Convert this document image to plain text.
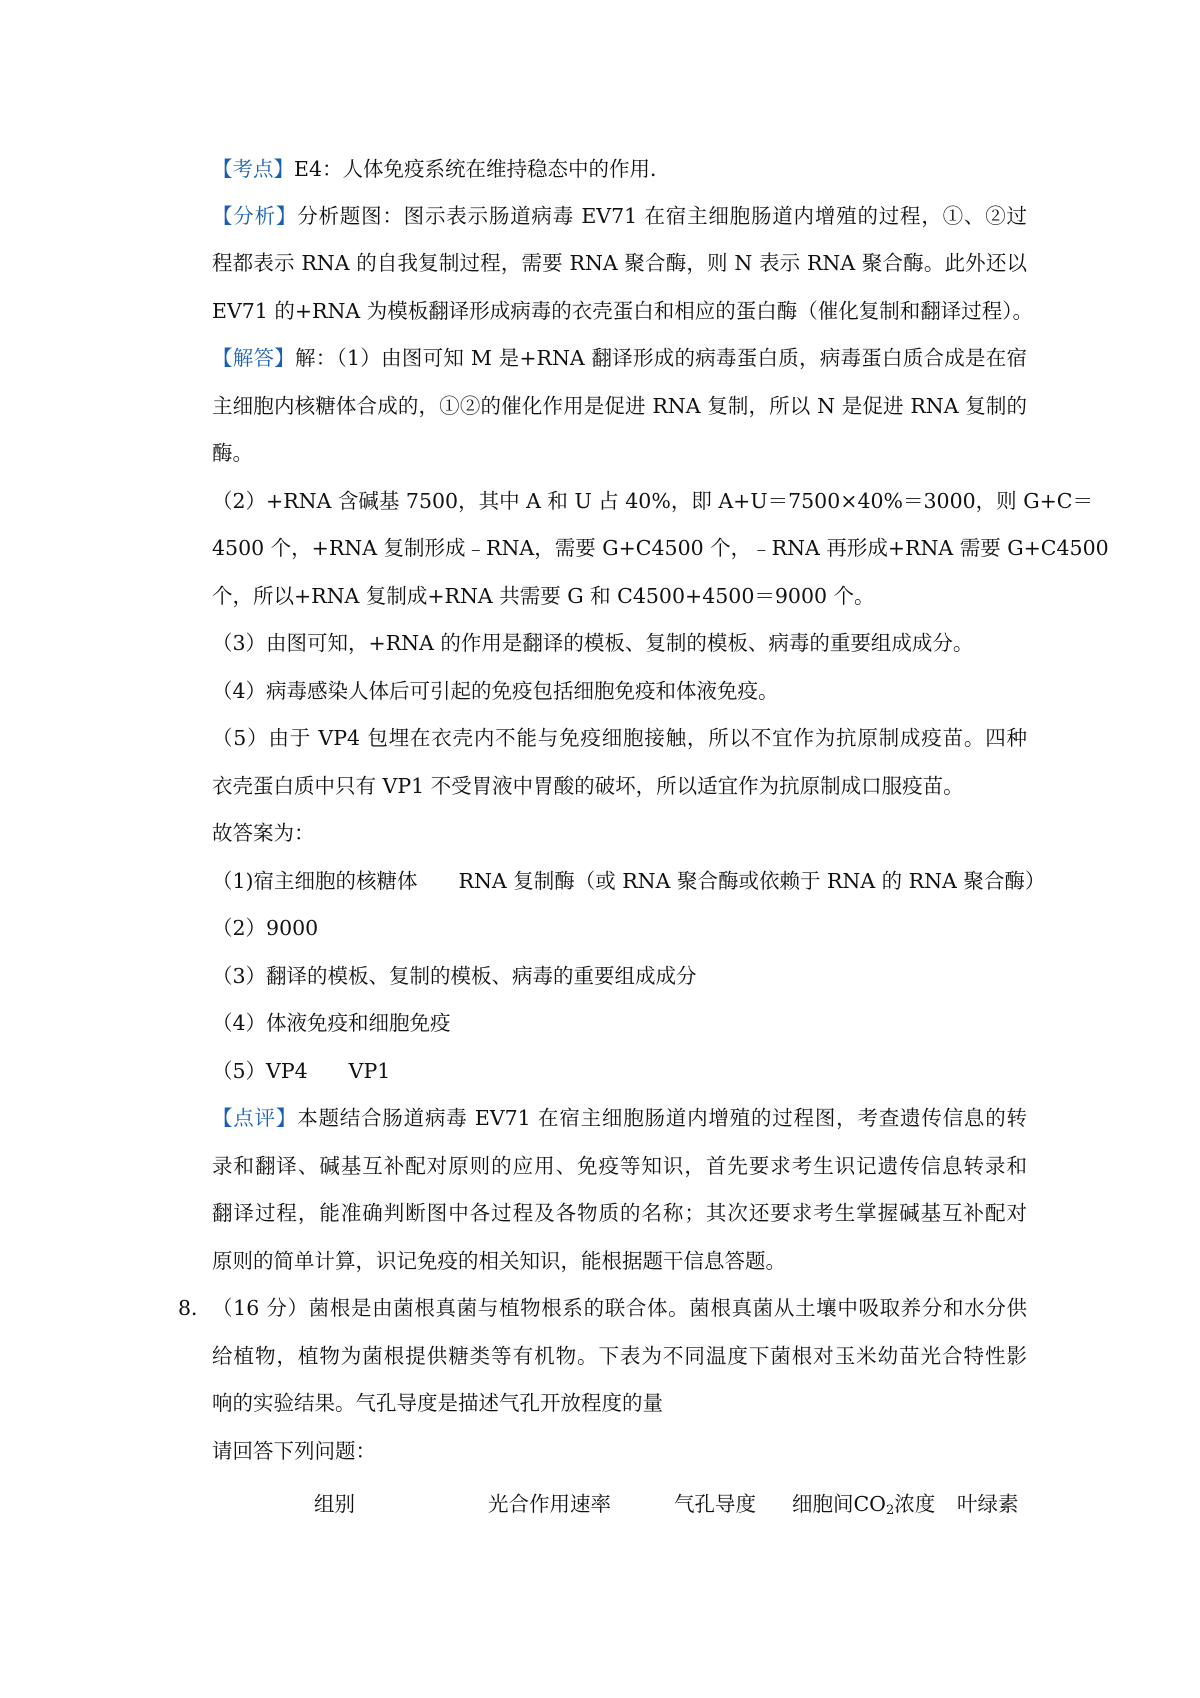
【考点】E4：人体免疫系统在维持稳态中的作用．
【分析】分析题图：图示表示肠道病毒 EV71 在宿主细胞肠道内增殖的过程，①、②过
程都表示 RNA 的自我复制过程，需要 RNA 聚合酶，则 N 表示 RNA 聚合酶。此外还以
EV71 的+RNA 为模板翻译形成病毒的衣壳蛋白和相应的蛋白酶（催化复制和翻译过程）。
【解答】解：（1）由图可知 M 是+RNA 翻译形成的病毒蛋白质，病毒蛋白质合成是在宿
主细胞内核糖体合成的，①②的催化作用是促进 RNA 复制，所以 N 是促进 RNA 复制的
酶。
（2）+RNA 含碱基 7500，其中 A 和 U 占 40%，即 A+U＝7500×40%＝3000，则 G+C＝
4500 个，+RNA 复制形成﹣RNA，需要 G+C4500 个，﹣RNA 再形成+RNA 需要 G+C4500
个，所以+RNA 复制成+RNA 共需要 G 和 C4500+4500＝9000 个。
（3）由图可知，+RNA 的作用是翻译的模板、复制的模板、病毒的重要组成成分。
（4）病毒感染人体后可引起的免疫包括细胞免疫和体液免疫。
（5）由于 VP4 包埋在衣壳内不能与免疫细胞接触，所以不宜作为抗原制成疫苗。四种
衣壳蛋白质中只有 VP1 不受胃液中胃酸的破坏，所以适宜作为抗原制成口服疫苗。
故答案为：
（1)宿主细胞的核糖体　　RNA 复制酶（或 RNA 聚合酶或依赖于 RNA 的 RNA 聚合酶）
（2）9000
（3）翻译的模板、复制的模板、病毒的重要组成成分
（4）体液免疫和细胞免疫
（5）VP4　　VP1
【点评】本题结合肠道病毒 EV71 在宿主细胞肠道内增殖的过程图，考查遗传信息的转
录和翻译、碱基互补配对原则的应用、免疫等知识，首先要求考生识记遗传信息转录和
翻译过程，能准确判断图中各过程及各物质的名称；其次还要求考生掌握碱基互补配对
原则的简单计算，识记免疫的相关知识，能根据题干信息答题。
8． （16 分）菌根是由菌根真菌与植物根系的联合体。菌根真菌从土壤中吸取养分和水分供
给植物，植物为菌根提供糖类等有机物。下表为不同温度下菌根对玉米幼苗光合特性影
响的实验结果。气孔导度是描述气孔开放程度的量
请回答下列问题：
组别	光合作用速率	气孔导度 细胞间$CO_2$浓度 叶绿素
